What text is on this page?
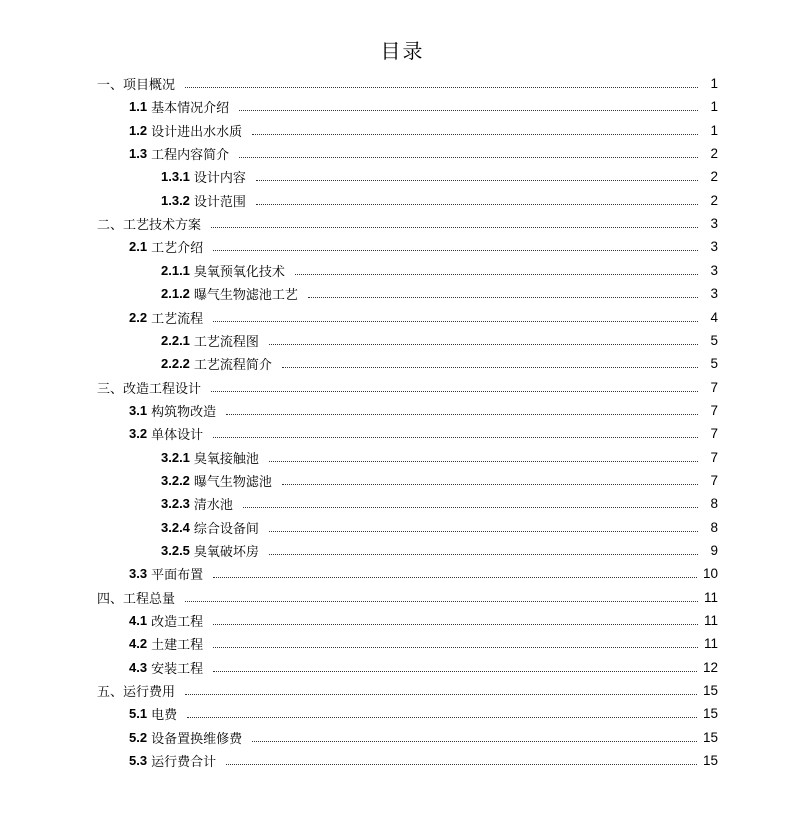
目录
一、项目概况	1
1.1 基本情况介绍	1
1.2 设计进出水水质	1
1.3 工程内容简介	2
1.3.1 设计内容	2
1.3.2 设计范围	2
二、工艺技术方案	3
2.1 工艺介绍	3
2.1.1 臭氧预氧化技术	3
2.1.2 曝气生物滤池工艺	3
2.2 工艺流程	4
2.2.1 工艺流程图	5
2.2.2 工艺流程简介	5
三、改造工程设计	7
3.1 构筑物改造	7
3.2 单体设计	7
3.2.1 臭氧接触池	7
3.2.2 曝气生物滤池	7
3.2.3 清水池	8
3.2.4 综合设备间	8
3.2.5 臭氧破坏房	9
3.3 平面布置	10
四、工程总量	11
4.1 改造工程	11
4.2 土建工程	11
4.3 安装工程	12
五、运行费用	15
5.1 电费	15
5.2 设备置换维修费	15
5.3 运行费合计	15
